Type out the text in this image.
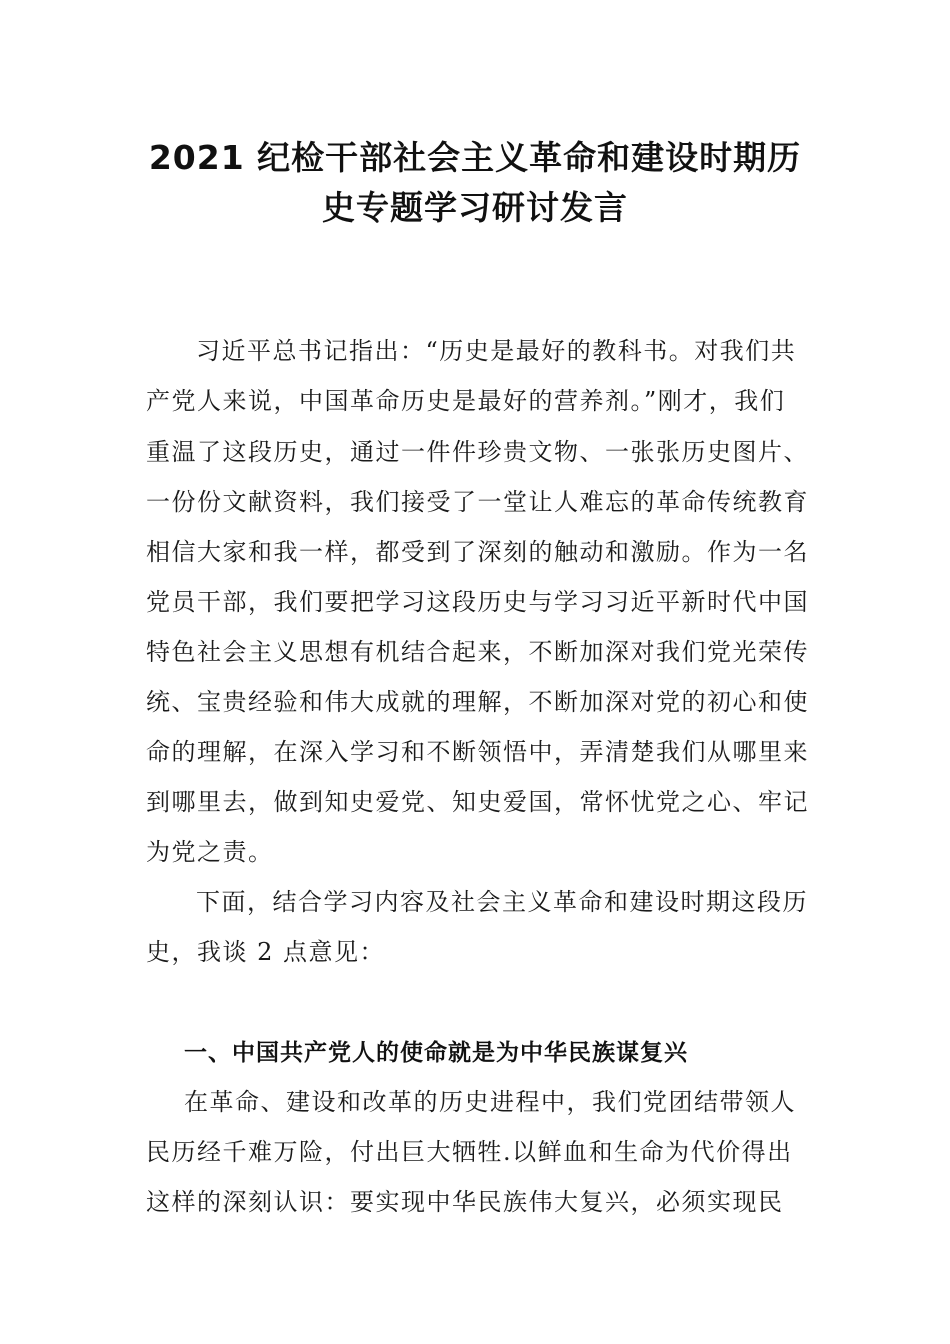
2021 纪检干部社会主义革命和建设时期历
史专题学习研讨发言
习近平总书记指出：“历史是最好的教科书。对我们共
产党人来说，中国革命历史是最好的营养剂。”刚才，我们
重温了这段历史，通过一件件珍贵文物、一张张历史图片、
一份份文献资料，我们接受了一堂让人难忘的革命传统教育
相信大家和我一样，都受到了深刻的触动和激励。作为一名
党员干部，我们要把学习这段历史与学习习近平新时代中国
特色社会主义思想有机结合起来，不断加深对我们党光荣传
统、宝贵经验和伟大成就的理解，不断加深对党的初心和使
命的理解，在深入学习和不断领悟中，弄清楚我们从哪里来
到哪里去，做到知史爱党、知史爱国，常怀忧党之心、牢记
为党之责。
下面，结合学习内容及社会主义革命和建设时期这段历
史，我谈 2 点意见：
一、中国共产党人的使命就是为中华民族谋复兴
在革命、建设和改革的历史进程中，我们党团结带领人
民历经千难万险，付出巨大牺牲.以鲜血和生命为代价得出
这样的深刻认识：要实现中华民族伟大复兴，必须实现民
